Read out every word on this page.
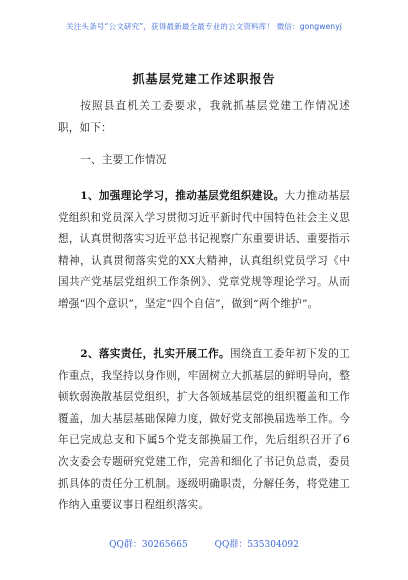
关注头条号“公文研究”，获得最新最全最专业的公文资料库！ 微信：gongwenyj
抓基层党建工作述职报告

按照县直机关工委要求，我就抓基层党建工作情况述职，如下：

一、主要工作情况

1、加强理论学习，推动基层党组织建设。大力推动基层党组织和党员深入学习贯彻习近平新时代中国特色社会主义思想，认真贯彻落实习近平总书记视察广东重要讲话、重要指示精神，认真贯彻落实党的XX大精神，认真组织党员学习《中国共产党基层党组织工作条例》、党章党规等理论学习。从而增强“四个意识”，坚定“四个自信”，做到“两个维护”。

2、落实责任，扎实开展工作。围绕直工委年初下发的工作重点，我坚持以身作则，牢固树立大抓基层的鲜明导向，整顿软弱涣散基层党组织，扩大各领域基层党的组织覆盖和工作覆盖，加大基层基础保障力度，做好党支部换届选举工作。今年已完成总支和下属5个党支部换届工作，先后组织召开了6次支委会专题研究党建工作，完善和细化了书记负总责，委员抓具体的责任分工机制。逐级明确职责，分解任务，将党建工作纳入重要议事日程组织落实。

QQ群：30265665	QQ群：535304092
